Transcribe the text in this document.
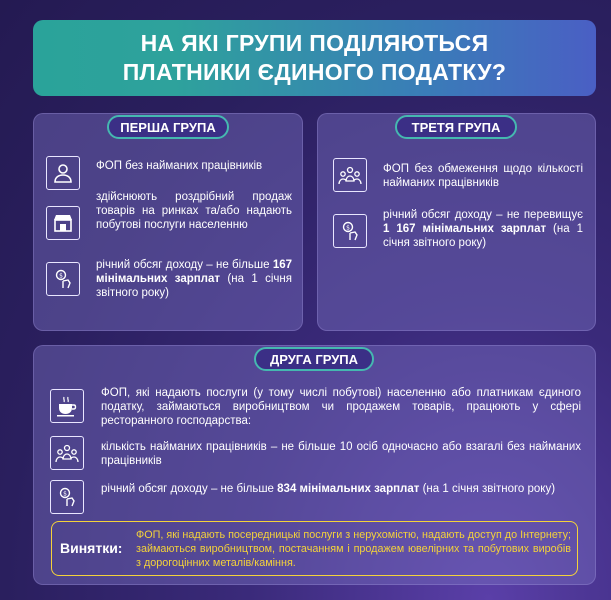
НА ЯКІ ГРУПИ ПОДІЛЯЮТЬСЯ ПЛАТНИКИ ЄДИНОГО ПОДАТКУ?
ПЕРША ГРУПА
ФОП без найманих працівників
здійснюють роздрібний продаж товарів на ринках та/або надають побутові послуги населенню
$
річний обсяг доходу – не більше 167 мінімальних зарплат (на 1 січня звітного року)
ТРЕТЯ ГРУПА
ФОП без обмеження щодо кількості найманих працівників
$
річний обсяг доходу – не перевищує 1 167 мінімальних зарплат (на 1 січня звітного року)
ДРУГА ГРУПА
ФОП, які надають послуги (у тому числі побутові) населенню або платникам єдиного податку, займаються виробництвом чи продажем товарів, працюють у сфері ресторанного господарства:
кількість найманих працівників – не більше 10 осіб одночасно або взагалі без найманих працівників
$	річний обсяг доходу – не більше 834 мінімальних зарплат (на 1 січня звітного року)
Винятки:
ФОП, які надають посередницькі послуги з нерухомістю, надають доступ до Інтернету; займаються виробництвом, постачанням і продажем ювелірних та побутових виробів з дорогоцінних металів/каміння.
